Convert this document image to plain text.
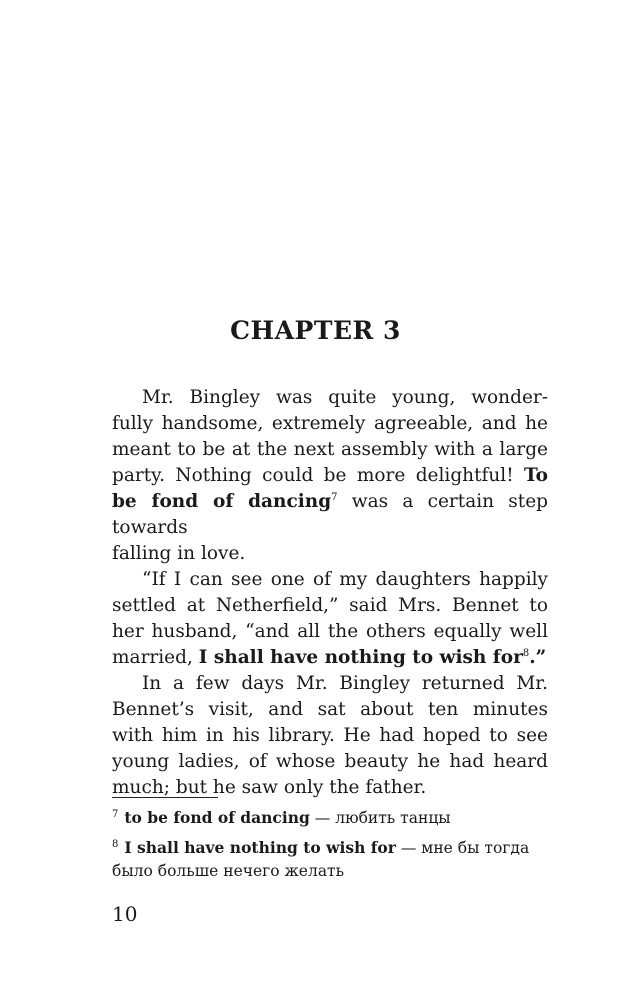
CHAPTER 3
Mr. Bingley was quite young, wonder-
fully handsome, extremely agreeable, and he
meant to be at the next assembly with a large
party. Nothing could be more delightful! To
be fond of dancing$^7$ was a certain step towards
falling in love.
“If I can see one of my daughters happily
settled at Netherfield,” said Mrs. Bennet to
her husband, “and all the others equally well
married, I shall have nothing to wish for$^8$.”
In a few days Mr. Bingley returned Mr.
Bennet’s visit, and sat about ten minutes
with him in his library. He had hoped to see
young ladies, of whose beauty he had heard
much; but he saw only the father.
$^7$ to be fond of dancing — любить танцы
$^8$ I shall have nothing to wish for — мне бы тогда
было больше нечего желать
10
